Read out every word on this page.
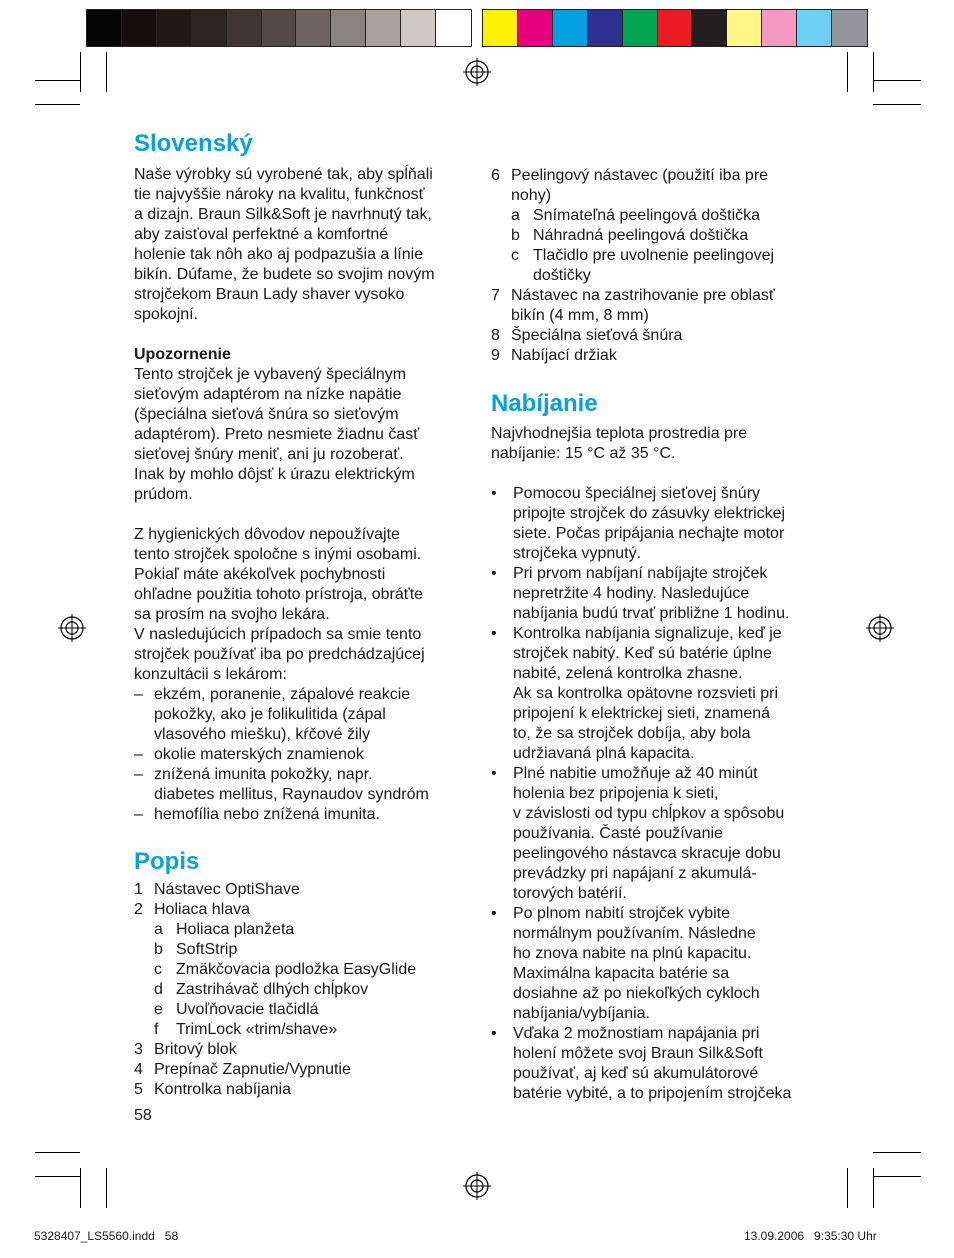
Slovenský
Naše výrobky sú vyrobené tak, aby spĺňali
tie najvyššie nároky na kvalitu, funkčnosť
a dizajn. Braun Silk&Soft je navrhnutý tak,
aby zaisťoval perfektné a komfortné
holenie tak nôh ako aj podpazušia a línie
bikín. Dúfame, že budete so svojim novým
strojčekom Braun Lady shaver vysoko
spokojní.

Upozornenie

Tento strojček je vybavený špeciálnym
sieťovým adaptérom na nízke napätie
(špeciálna sieťová šnúra so sieťovým
adaptérom). Preto nesmiete žiadnu časť
sieťovej šnúry meniť, ani ju rozoberať.
Inak by mohlo dôjsť k úrazu elektrickým
prúdom.
Z hygienických dôvodov nepoužívajte
tento strojček spoločne s inými osobami.
Pokiaľ máte akékoľvek pochybnosti
ohľadne použitia tohoto prístroja, obráťte
sa prosím na svojho lekára.
V nasledujúcich prípadoch sa smie tento
strojček používať iba po predchádzajúcej
konzultácii s lekárom:
– ekzém, poranenie, zápalové reakcie
pokožky, ako je folikulitida (zápal
vlasového miešku), kŕčové žily
– okolie materských znamienok
– znížená imunita pokožky, napr.
diabetes mellitus, Raynaudov syndróm
– hemofília nebo znížená imunita.
Popis
1 Nástavec OptiShave
2 Holiaca hlava
a Holiaca planžeta
b SoftStrip
c Zmäkčovacia podložka EasyGlide
d Zastrihávač dlhých chĺpkov
e Uvoľňovacie tlačidlá
f	TrimLock «trim/shave»
3 Britový blok
4 Prepínač Zapnutie/Vypnutie
5 Kontrolka nabíjania

58

6 Peelingový nástavec (použití iba pre
nohy)
a Snímateľná peelingová doštička
b Náhradná peelingová doštička
c Tlačidlo pre uvolnenie peelingovej
doštičky
7 Nástavec na zastrihovanie pre oblasť
bikín (4 mm, 8 mm)
8 Špeciálna sieťová šnúra
9 Nabíjací držiak
Nabíjanie
Najvhodnejšia teplota prostredia pre
nabíjanie: 15 °C až 35 °C.
•	Pomocou špeciálnej sieťovej šnúry
pripojte strojček do zásuvky elektrickej
siete. Počas pripájania nechajte motor
strojčeka vypnutý.
•	Pri prvom nabíjaní nabíjajte strojček
nepretržite 4 hodiny. Nasledujúce
nabíjania budú trvať približne 1 hodinu.
•	Kontrolka nabíjania signalizuje, keď je
strojček nabitý. Keď sú batérie úplne
nabité, zelená kontrolka zhasne.
Ak sa kontrolka opätovne rozsvieti pri
pripojení k elektrickej sieti, znamená
to, že sa strojček dobíja, aby bola
udržiavaná plná kapacita.
•	Plné nabitie umožňuje až 40 minút
holenia bez pripojenia k sieti,
v závislosti od typu chĺpkov a spôsobu
používania. Časté používanie
peelingového nástavca skracuje dobu
prevádzky pri napájaní z akumulá-
torových batérií.
•	Po plnom nabití strojček vybite
normálnym používaním. Následne
ho znova nabite na plnú kapacitu.
Maximálna kapacita batérie sa
dosiahne až po niekoľkých cykloch
nabíjania/vybíjania.
•	Vďaka 2 možnostiam napájania pri
holení môžete svoj Braun Silk&Soft
používať, aj keď sú akumulátorové
batérie vybité, a to pripojením strojčeka
5328407_LS5560.indd   58	13.09.2006   9:35:30 Uhr
